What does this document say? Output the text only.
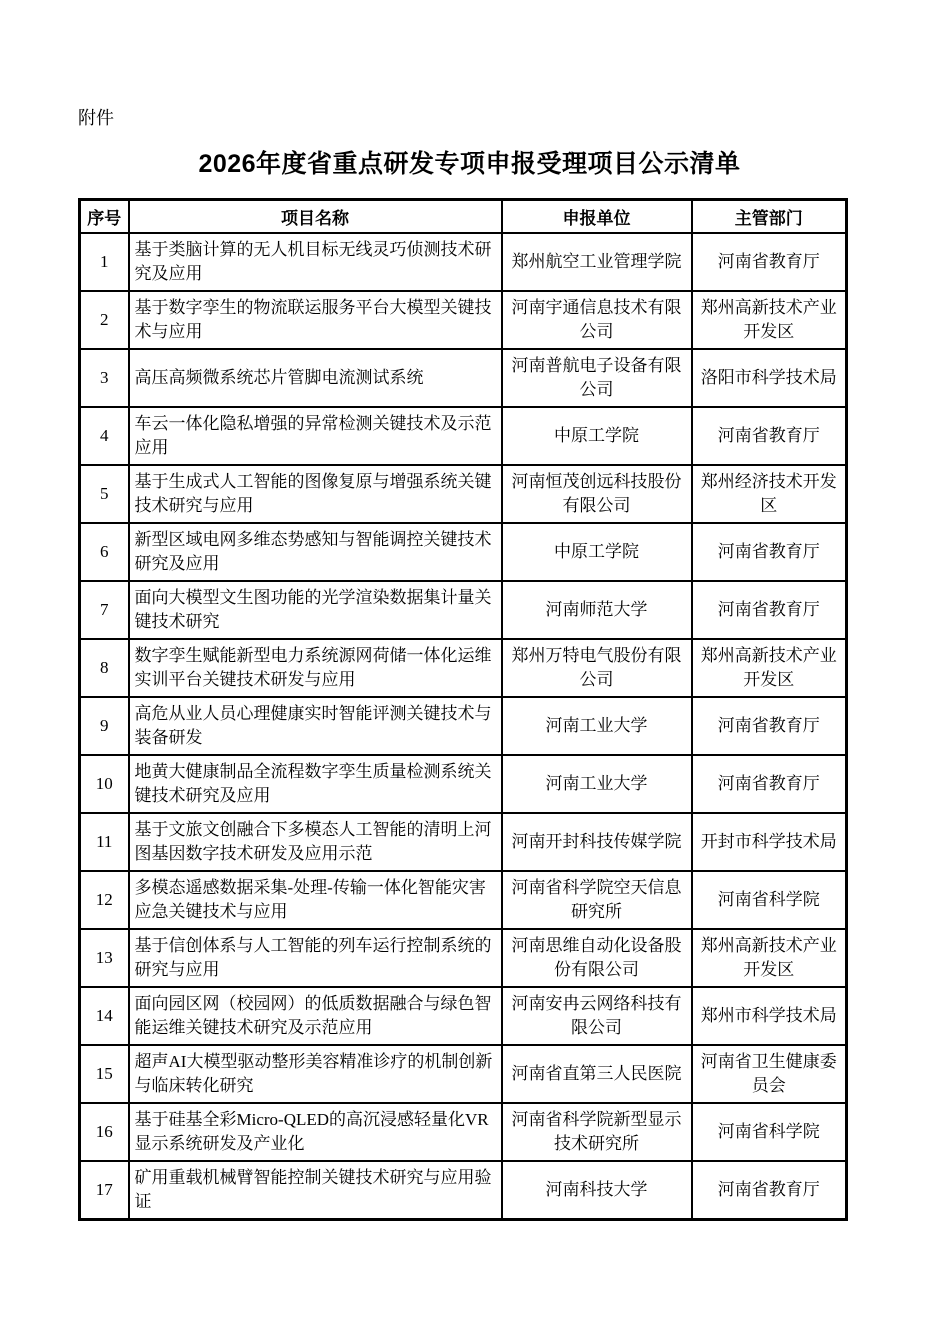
附件
2026年度省重点研发专项申报受理项目公示清单
序号	项目名称	申报单位	主管部门
1	基于类脑计算的无人机目标无线灵巧侦测技术研究及应用	郑州航空工业管理学院	河南省教育厅
2	基于数字孪生的物流联运服务平台大模型关键技术与应用	河南宇通信息技术有限公司	郑州高新技术产业开发区
3	高压高频微系统芯片管脚电流测试系统	河南普航电子设备有限公司	洛阳市科学技术局
4	车云一体化隐私增强的异常检测关键技术及示范应用	中原工学院	河南省教育厅
5	基于生成式人工智能的图像复原与增强系统关键技术研究与应用	河南恒茂创远科技股份有限公司	郑州经济技术开发区
6	新型区域电网多维态势感知与智能调控关键技术研究及应用	中原工学院	河南省教育厅
7	面向大模型文生图功能的光学渲染数据集计量关键技术研究	河南师范大学	河南省教育厅
8	数字孪生赋能新型电力系统源网荷储一体化运维实训平台关键技术研发与应用	郑州万特电气股份有限公司	郑州高新技术产业开发区
9	高危从业人员心理健康实时智能评测关键技术与装备研发	河南工业大学	河南省教育厅
10	地黄大健康制品全流程数字孪生质量检测系统关键技术研究及应用	河南工业大学	河南省教育厅
11	基于文旅文创融合下多模态人工智能的清明上河图基因数字技术研发及应用示范	河南开封科技传媒学院	开封市科学技术局
12	多模态遥感数据采集-处理-传输一体化智能灾害应急关键技术与应用	河南省科学院空天信息研究所	河南省科学院
13	基于信创体系与人工智能的列车运行控制系统的研究与应用	河南思维自动化设备股份有限公司	郑州高新技术产业开发区
14	面向园区网（校园网）的低质数据融合与绿色智能运维关键技术研究及示范应用	河南安冉云网络科技有限公司	郑州市科学技术局
15	超声AI大模型驱动整形美容精准诊疗的机制创新与临床转化研究	河南省直第三人民医院	河南省卫生健康委员会
16	基于硅基全彩Micro-QLED的高沉浸感轻量化VR显示系统研发及产业化	河南省科学院新型显示技术研究所	河南省科学院
17	矿用重载机械臂智能控制关键技术研究与应用验证	河南科技大学	河南省教育厅
